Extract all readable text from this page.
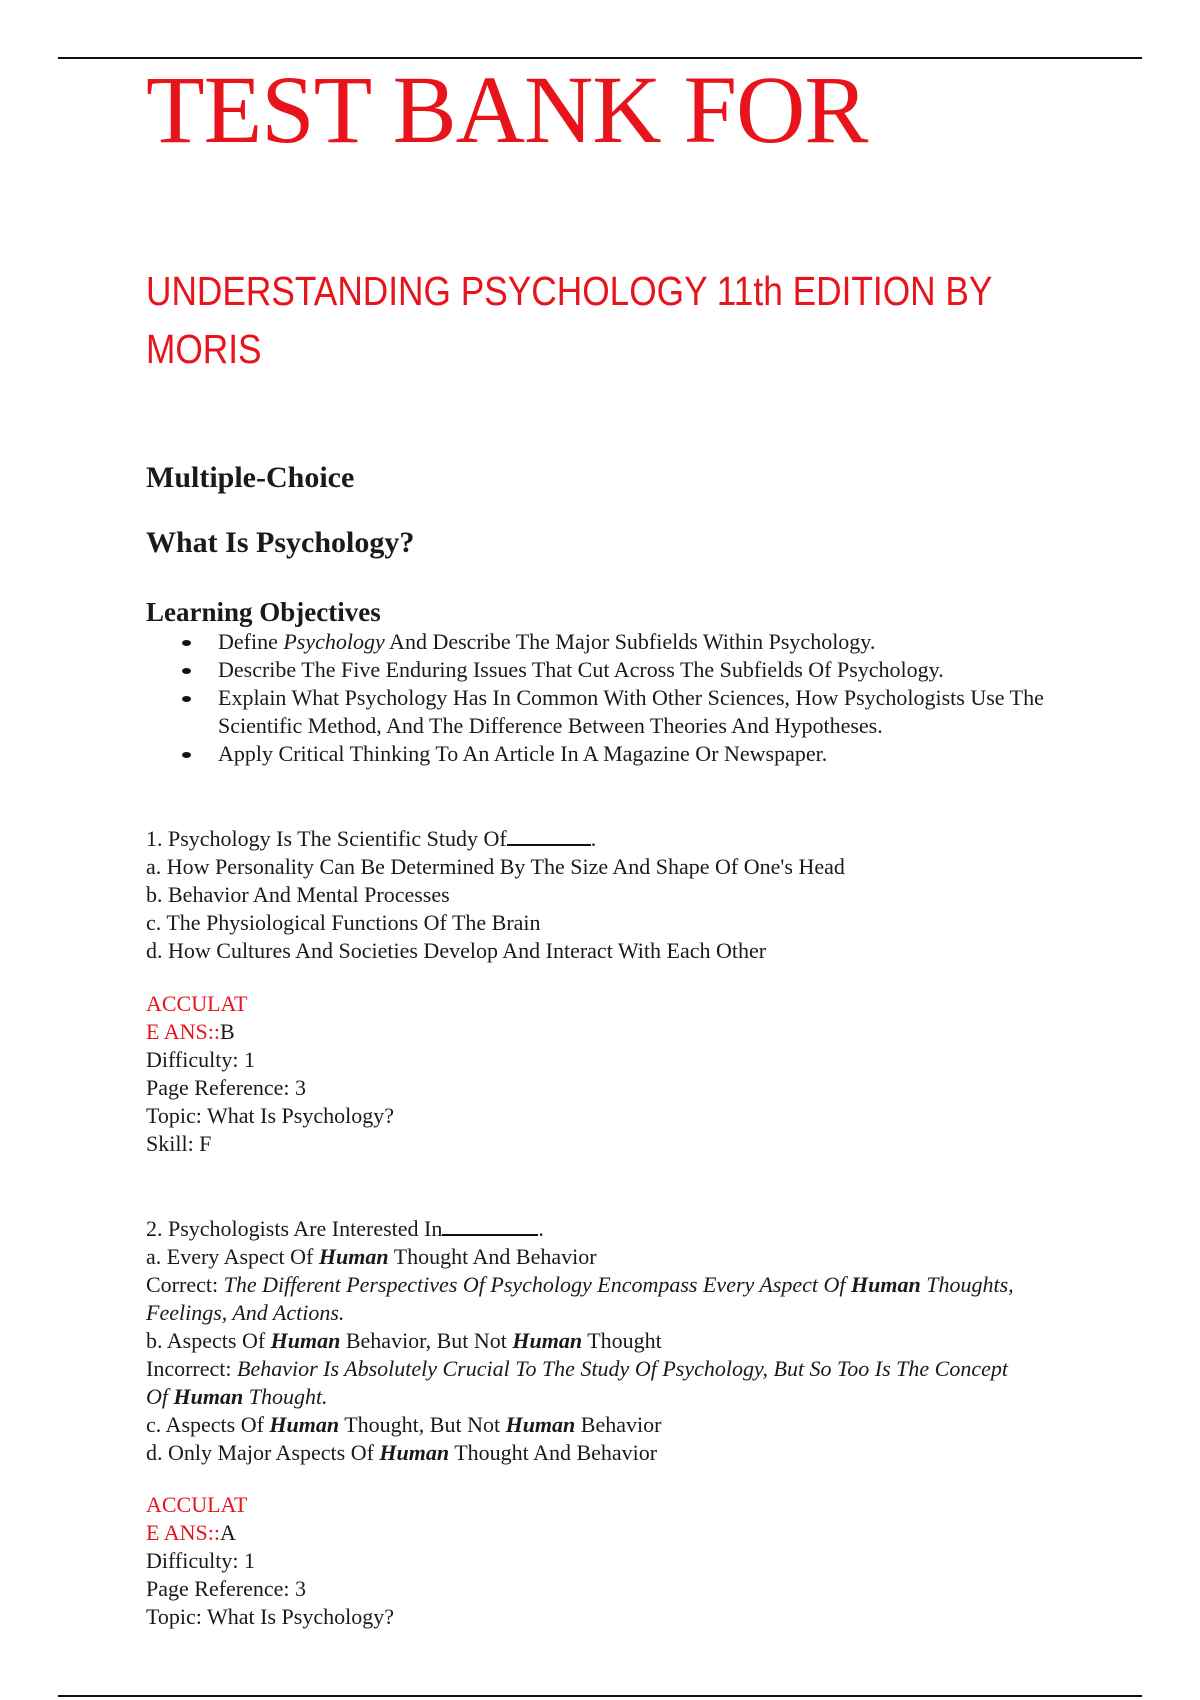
TEST BANK FOR
UNDERSTANDING PSYCHOLOGY 11th EDITION BY MORIS
Multiple-Choice
What Is Psychology?
Learning Objectives
Define Psychology And Describe The Major Subfields Within Psychology.
Describe The Five Enduring Issues That Cut Across The Subfields Of Psychology.
Explain What Psychology Has In Common With Other Sciences, How Psychologists Use The Scientific Method, And The Difference Between Theories And Hypotheses.
Apply Critical Thinking To An Article In A Magazine Or Newspaper.

1. Psychology Is The Scientific Study Of	.

a. How Personality Can Be Determined By The Size And Shape Of One's Head

b. Behavior And Mental Processes

c. The Physiological Functions Of The Brain

d. How Cultures And Societies Develop And Interact With Each Other

ACCULAT

E ANS::B

Difficulty: 1

Page Reference: 3

Topic: What Is Psychology?

Skill: F

2. Psychologists Are Interested In	.

a. Every Aspect Of Human Thought And Behavior

Correct: The Different Perspectives Of Psychology Encompass Every Aspect Of Human Thoughts,

Feelings, And Actions.

b. Aspects Of Human Behavior, But Not Human Thought

Incorrect: Behavior Is Absolutely Crucial To The Study Of Psychology, But So Too Is The Concept

Of Human Thought.

c. Aspects Of Human Thought, But Not Human Behavior

d. Only Major Aspects Of Human Thought And Behavior

ACCULAT

E ANS::A

Difficulty: 1

Page Reference: 3

Topic: What Is Psychology?
